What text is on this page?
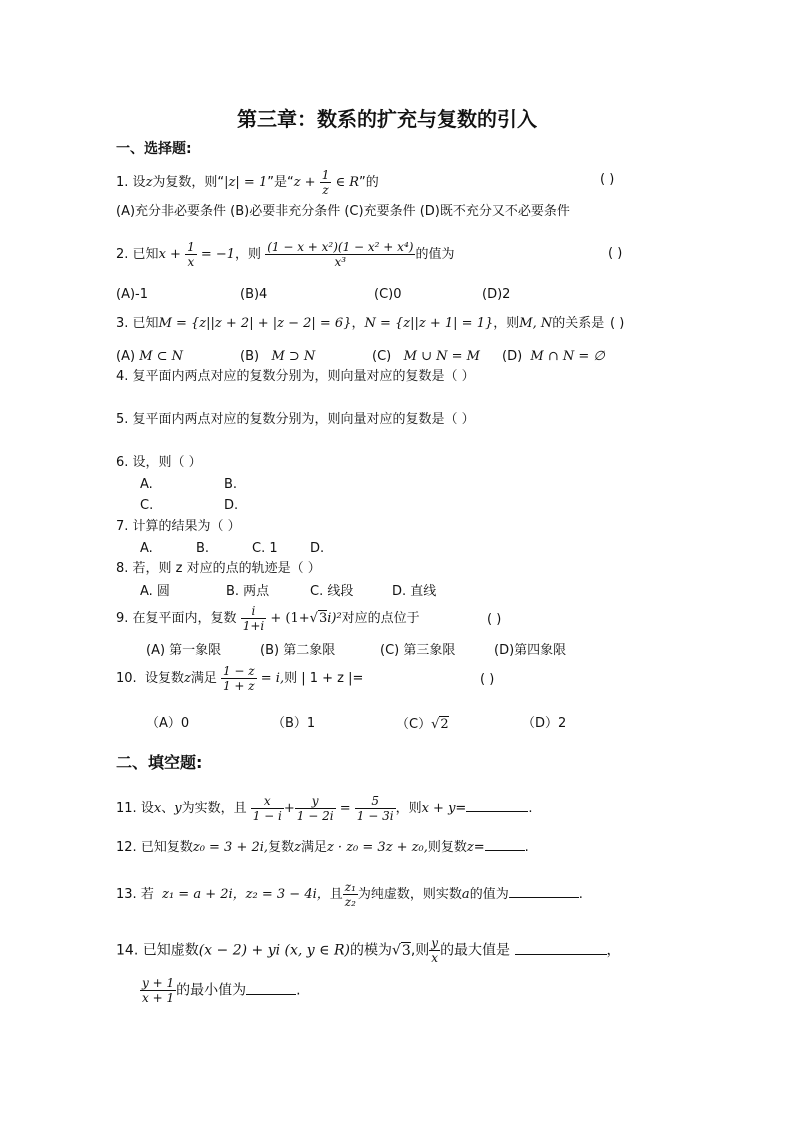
第三章：数系的扩充与复数的引入
一、选择题:
1. 设z为复数，则“|z| = 1”是“$z + \frac{1}{z}$ ∈ R”的	( )
(A)充分非必要条件 (B)必要非充分条件 (C)充要条件 (D)既不充分又不必要条件
2. 已知$x + \frac{1}{x} = -1$，则 $\frac{\text{(1 − x + x²)(1 − x² + x⁴)}}{\text{x³}}$ 的值为	( )
(A)-1	(B)4	(C)0	(D)2
3. 已知M = {z||z + 2| + |z − 2| = 6}，N = {z||z + 1| = 1}，则M, N的关系是 ( )
(A) M ⊂ N	(B) M ⊃ N	(C) M ∪ N = M (D) M ∩ N = ∅
4. 复平面内两点对应的复数分别为，则向量对应的复数是（ ）
5. 复平面内两点对应的复数分别为，则向量对应的复数是（ ）
6. 设，则（ ）
A.	B.
C.	D.
7. 计算的结果为（ ）
A.	B.	C. 1 D.
8. 若，则 z 对应的点的轨迹是（ ）
A. 圆	B. 两点	C. 线段	D. 直线
9. 在复平面内，复数 $\frac{i}{1+i} + (1+√3i)^2$对应的点位于	( )
(A) 第一象限	(B) 第二象限	(C) 第三象限	(D)第四象限
10. 设复数z满足 $\frac{1 - z}{1 + z} = i$,则 | 1 + z |=	( )
（A）0	（B）1	（C）√2	（D）2
二、填空题:
11. 设x、y为实数，且 $\frac{x}{1 - i} + \frac{y}{1 - 2i} = \frac{5}{1 - 3i}$ ，则x + y=	.
12. 已知复数z₀ = 3 + 2i,复数z满足z · z₀ = 3z + z₀,则复数z=	.
13. 若 z₁ = a + 2i，z₂ = 3 − 4i，且 $\frac{\text{z₁}}{\text{z₂}}$ 为纯虚数，则实数a的值为	.
14. 已知虚数(x − 2) + yi (x, y ∈ R)的模为√3,则 $\frac{y}{x}$ 的最大值是	，
$\frac{y + 1}{x + 1}$ 的最小值为	.
